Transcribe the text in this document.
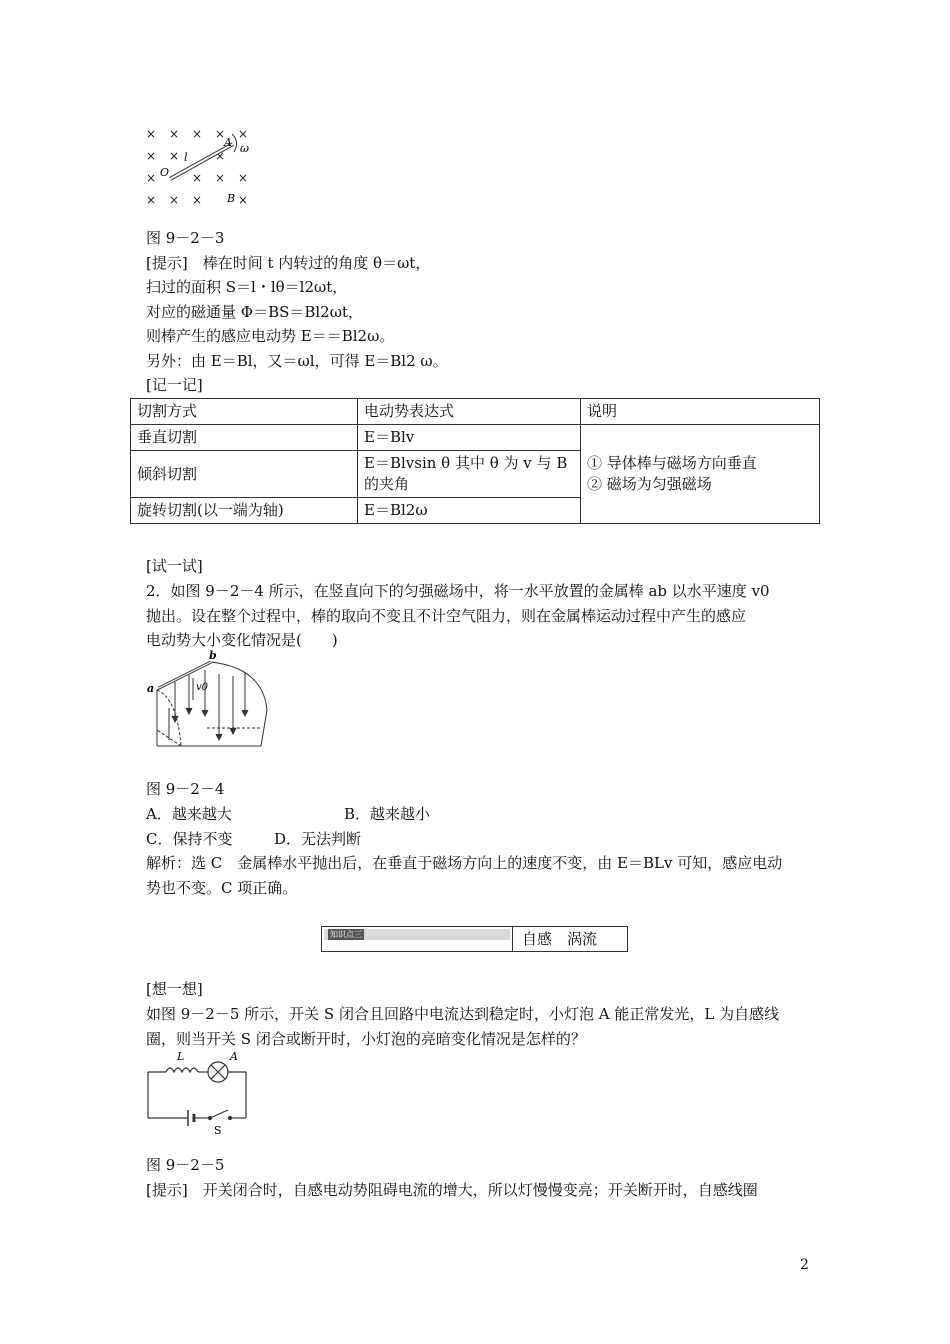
× × × × ×
× ×	×
×	× × ×
× × ×	×
A ω
O
l
B
图 9－2－3
[提示]　棒在时间 t 内转过的角度 θ＝ωt，
扫过的面积 S＝l・lθ＝l2ωt，
对应的磁通量 Φ＝BS＝Bl2ωt，
则棒产生的感应电动势 E＝＝Bl2ω。
另外：由 E＝Bl，又＝ωl，可得 E＝Bl2 ω。
[记一记]
切割方式	电动势表达式	说明
垂直切割	E＝Blv	① 导体棒与磁场方向垂直
② 磁场为匀强磁场

倾斜切割	E＝Blvsin θ 其中 θ 为 v 与 B 的夹角	
旋转切割(以一端为轴)	E＝Bl2ω	
[试一试]
2．如图 9－2－4 所示，在竖直向下的匀强磁场中，将一水平放置的金属棒 ab 以水平速度 v0
抛出。设在整个过程中，棒的取向不变且不计空气阻力，则在金属棒运动过程中产生的感应
电动势大小变化情况是(　　)
a
b
v0
图 9－2－4
A．越来越大	B．越来越小
C．保持不变	D．无法判断
解析：选 C　金属棒水平抛出后，在垂直于磁场方向上的速度不变，由 E＝BLv 可知，感应电动
势也不变。C 项正确。
知识点三	自感　涡流
[想一想]
如图 9－2－5 所示，开关 S 闭合且回路中电流达到稳定时，小灯泡 A 能正常发光，L 为自感线
圈，则当开关 S 闭合或断开时，小灯泡的亮暗变化情况是怎样的？
L	A
S
图 9－2－5
[提示]　开关闭合时，自感电动势阻碍电流的增大，所以灯慢慢变亮；开关断开时，自感线圈
2
